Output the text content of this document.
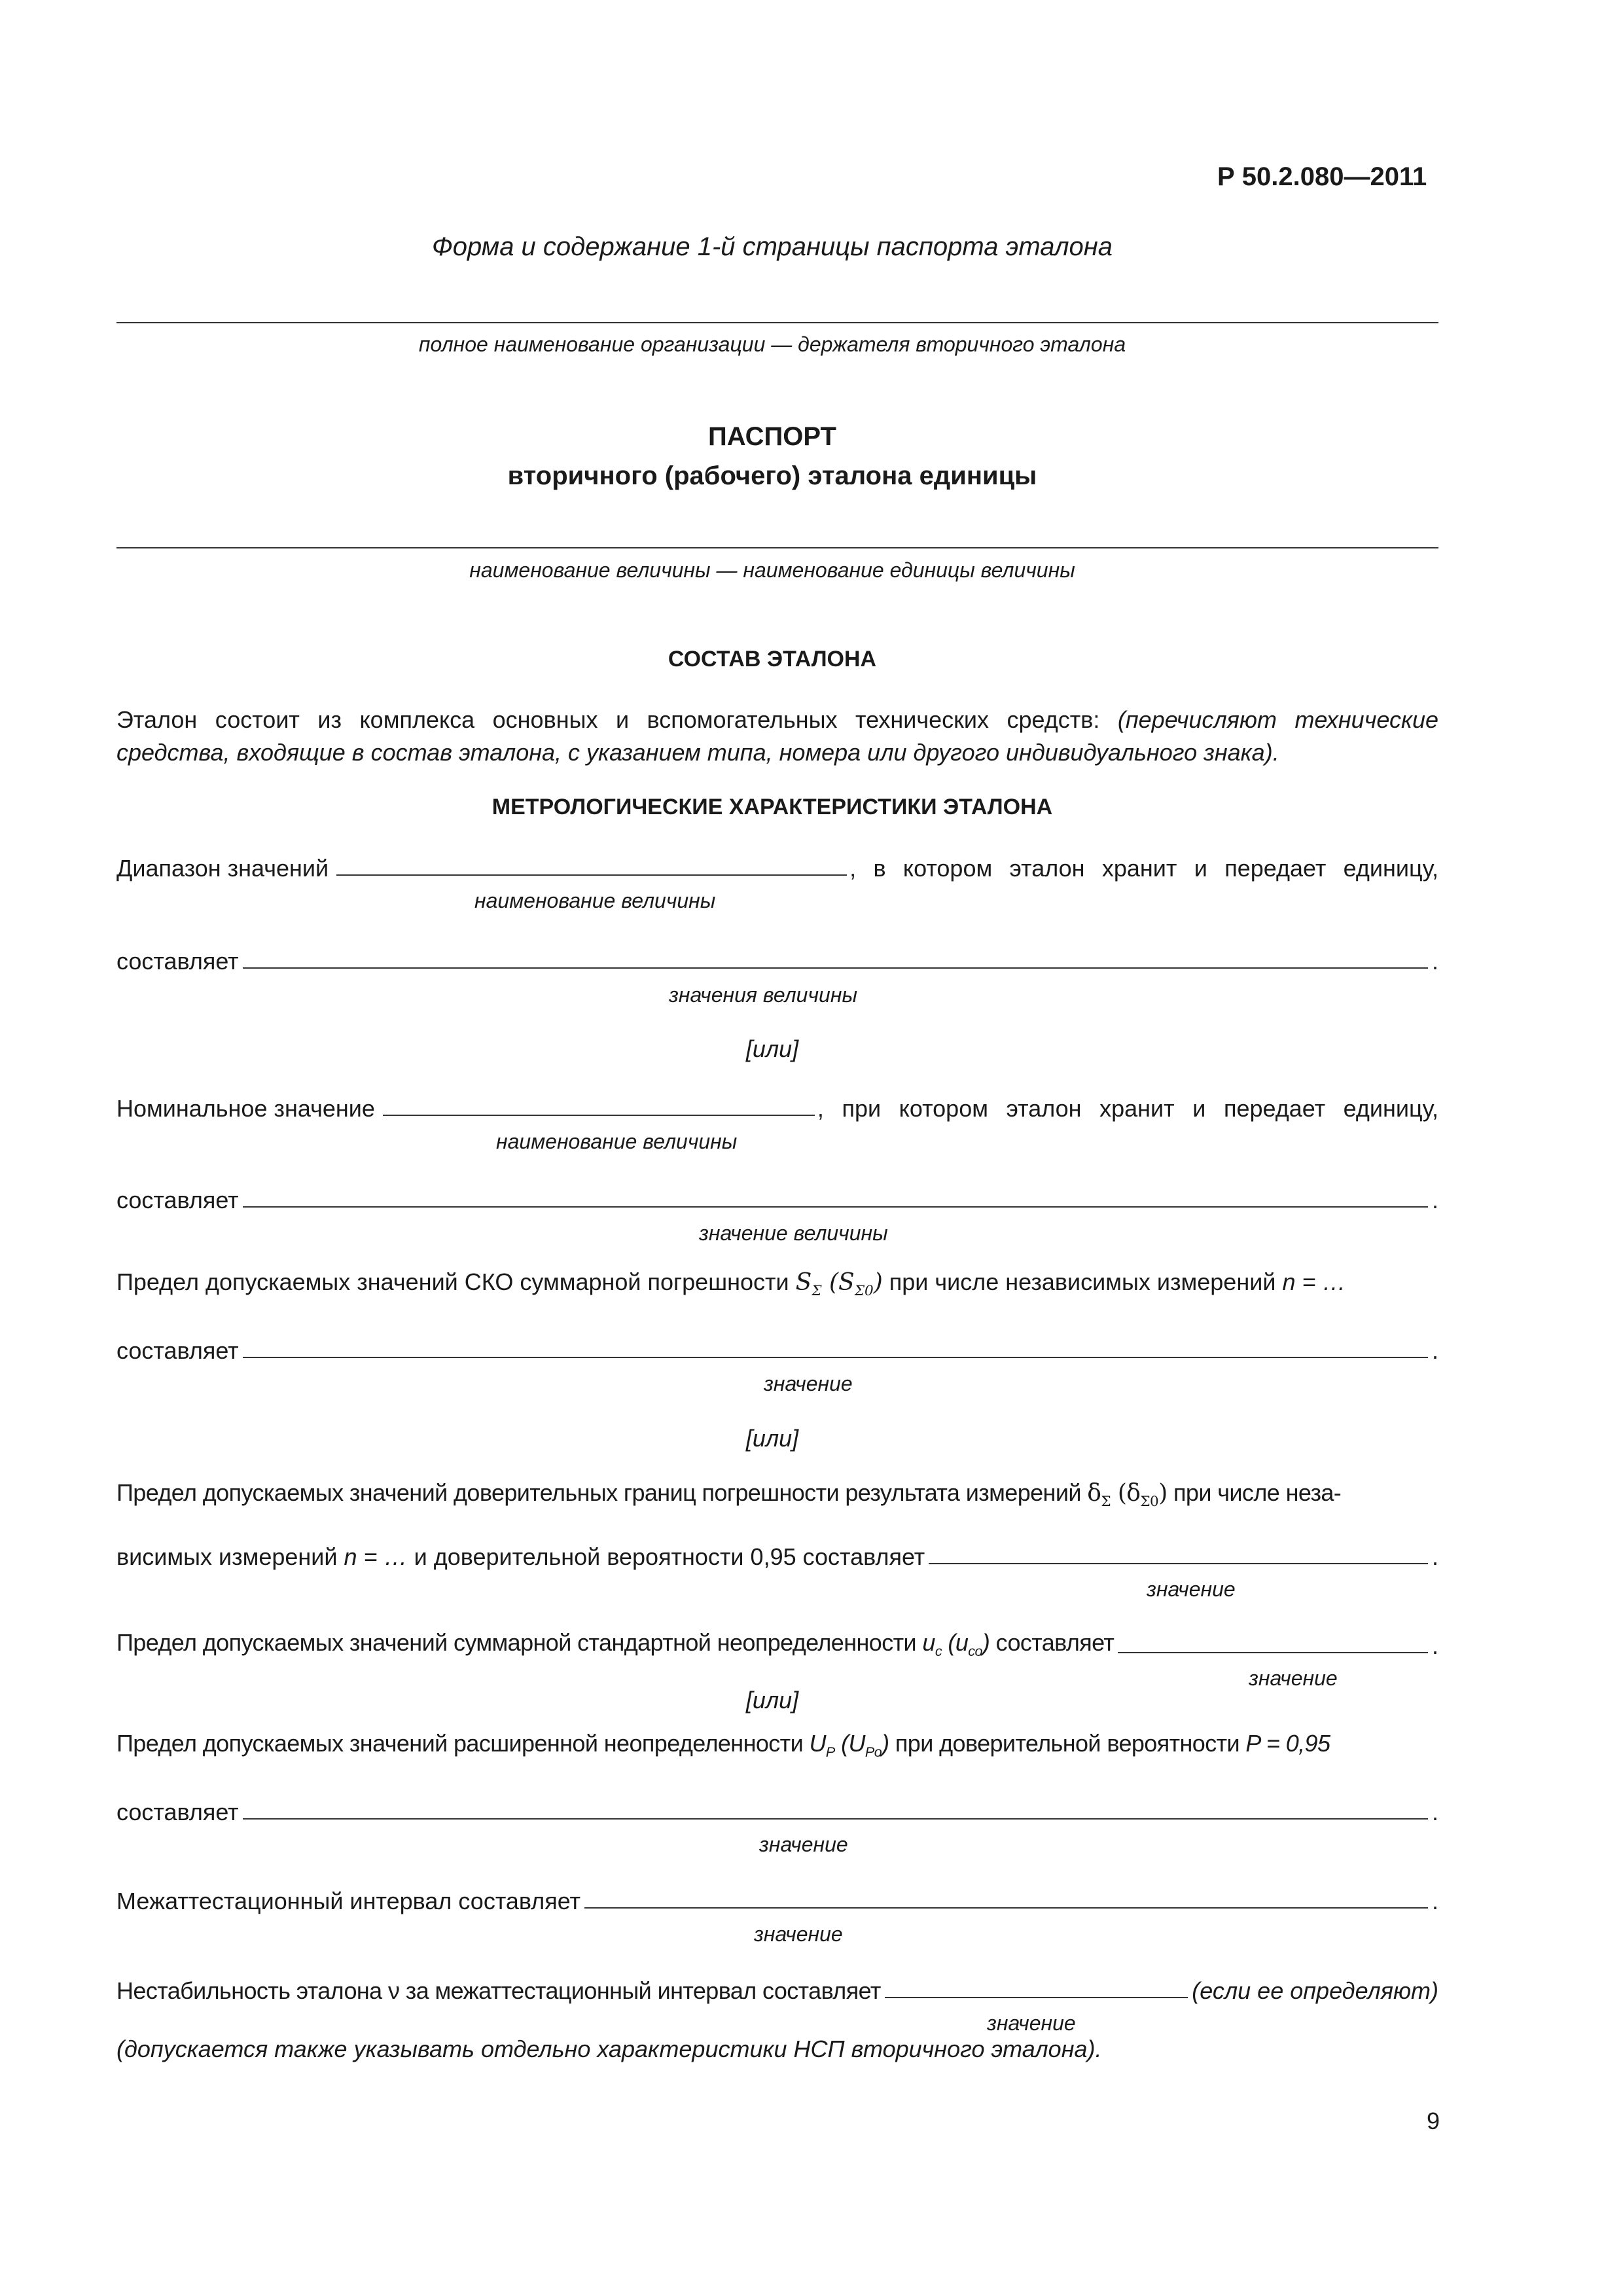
Р 50.2.080—2011
Форма и содержание 1-й страницы паспорта эталона
полное наименование организации — держателя вторичного эталона
ПАСПОРТ
вторичного (рабочего) эталона единицы
наименование величины — наименование единицы величины
СОСТАВ ЭТАЛОНА
Эталон состоит из комплекса основных и вспомогательных технических средств: (перечисляют технические средства, входящие в состав эталона, с указанием типа, номера или другого индивидуального знака).
МЕТРОЛОГИЧЕСКИЕ ХАРАКТЕРИСТИКИ ЭТАЛОНА
Диапазон значений	, в котором эталон хранит и передает единицу,
наименование величины
составляет	.
значения величины
[или]
Номинальное значение	, при котором эталон хранит и передает единицу,
наименование величины
составляет	.
значение величины
Предел допускаемых значений СКО суммарной погрешности $S_\Sigma$ $(S_{\Sigma 0})$ при числе независимых измерений n = …
составляет	.
значение
[или]
Предел допускаемых значений доверительных границ погрешности результата измерений $\delta_\Sigma$ $(\delta_{\Sigma 0})$ при числе неза-
висимых измерений n = … и доверительной вероятности 0,95 составляет	.
значение
Предел допускаемых значений суммарной стандартной неопределенности $u_c$ $(u_{co})$ составляет	.
значение
[или]
Предел допускаемых значений расширенной неопределенности $U_P$ $(U_{Po})$ при доверительной вероятности P = 0,95
составляет	.
значение
Межаттестационный интервал составляет	.
значение
Нестабильность эталона ν за межаттестационный интервал составляет	(если ее определяют)
значение
(допускается также указывать отдельно характеристики НСП вторичного эталона).
9
